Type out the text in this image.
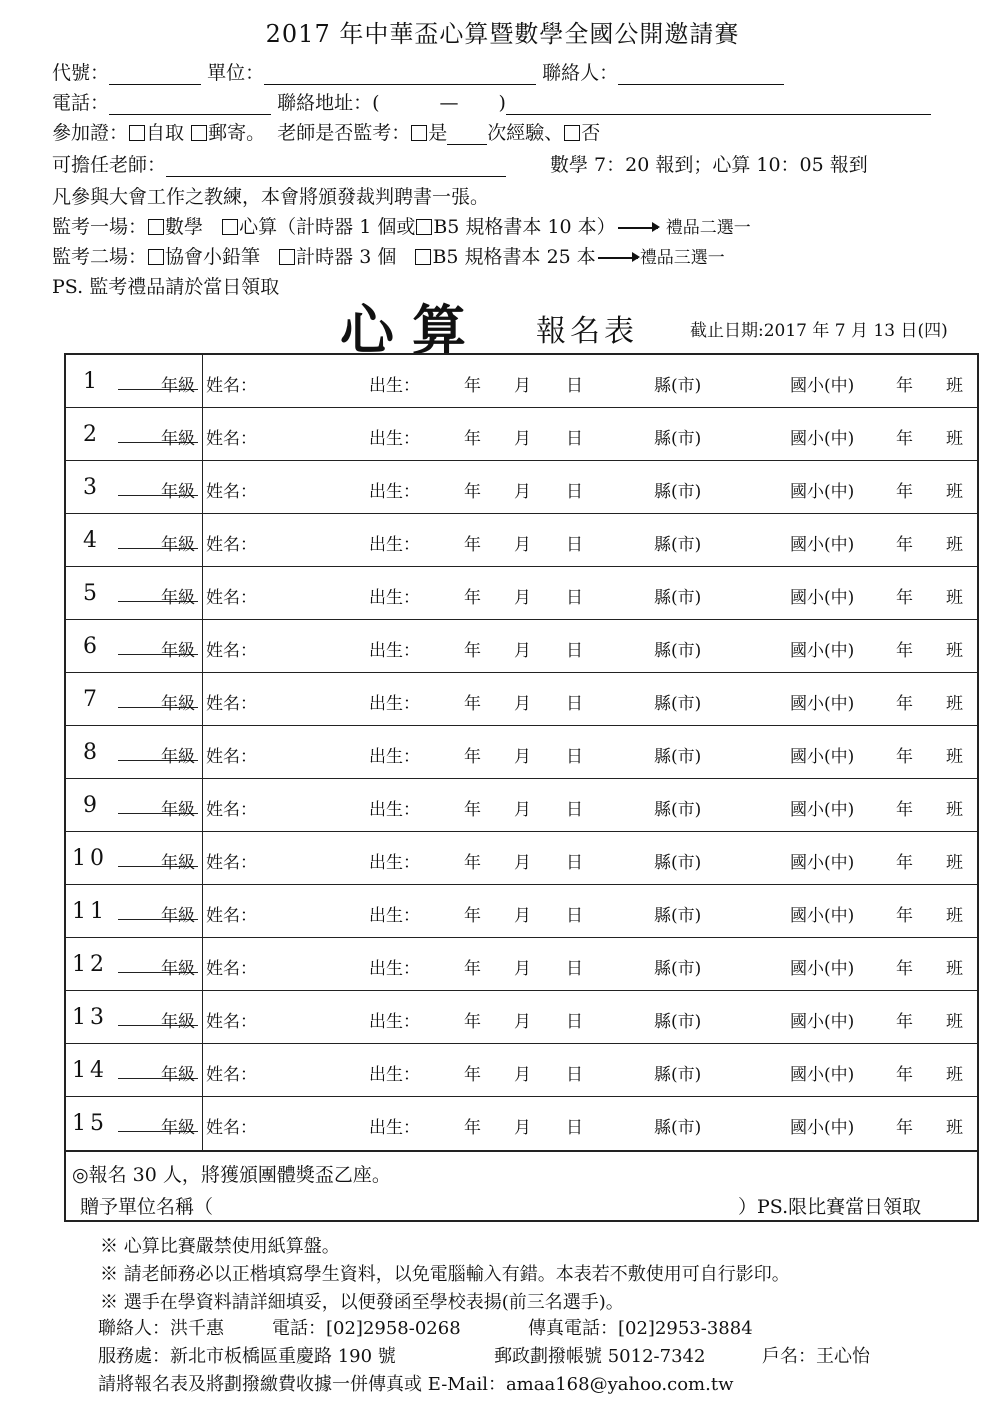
2017 年中華盃心算暨數學全國公開邀請賽
代號：	單位：	聯絡人：
電話：	聯絡地址：(	— )
參加證： 自取 郵寄。 老師是否監考： 是 次經驗、 否
可擔任老師：	數學 7：20 報到；心算 10：05 報到
凡參與大會工作之教練，本會將頒發裁判聘書一張。
監考一場： 數學 心算（計時器 1 個或 B5 規格書本 10 本）	禮品二選一
監考二場： 協會小鉛筆 計時器 3 個 B5 規格書本 25 本	禮品三選一
PS. 監考禮品請於當日領取
心算 報名表	截止日期:2017 年 7 月 13 日(四)
1	年級 姓名：	出生：	年 月 日	縣(市)	國小(中) 年 班
2	年級 姓名：	出生：	年 月 日	縣(市)	國小(中) 年 班
3	年級 姓名：	出生：	年 月 日	縣(市)	國小(中) 年 班
4	年級 姓名：	出生：	年 月 日	縣(市)	國小(中) 年 班
5	年級 姓名：	出生：	年 月 日	縣(市)	國小(中) 年 班
6	年級 姓名：	出生：	年 月 日	縣(市)	國小(中) 年 班
7	年級 姓名：	出生：	年 月 日	縣(市)	國小(中) 年 班
8	年級 姓名：	出生：	年 月 日	縣(市)	國小(中) 年 班
9	年級 姓名：	出生：	年 月 日	縣(市)	國小(中) 年 班
10	年級 姓名：	出生：	年 月 日	縣(市)	國小(中) 年 班
11	年級 姓名：	出生：	年 月 日	縣(市)	國小(中) 年 班
12	年級 姓名：	出生：	年 月 日	縣(市)	國小(中) 年 班
13	年級 姓名：	出生：	年 月 日	縣(市)	國小(中) 年 班
14	年級 姓名：	出生：	年 月 日	縣(市)	國小(中) 年 班
15	年級 姓名：	出生：	年 月 日	縣(市)	國小(中) 年 班
◎報名 30 人，將獲頒團體獎盃乙座。
贈予單位名稱（	）PS.限比賽當日領取
※ 心算比賽嚴禁使用紙算盤。
※ 請老師務必以正楷填寫學生資料，以免電腦輸入有錯。本表若不敷使用可自行影印。
※ 選手在學資料請詳細填妥，以便發函至學校表揚(前三名選手)。
聯絡人：洪千惠	電話：[02]2958-0268	傳真電話：[02]2953-3884
服務處：新北市板橋區重慶路 190 號	郵政劃撥帳號 5012-7342	戶名：王心怡
請將報名表及將劃撥繳費收據一併傳真或 E-Mail：amaa168@yahoo.com.tw
